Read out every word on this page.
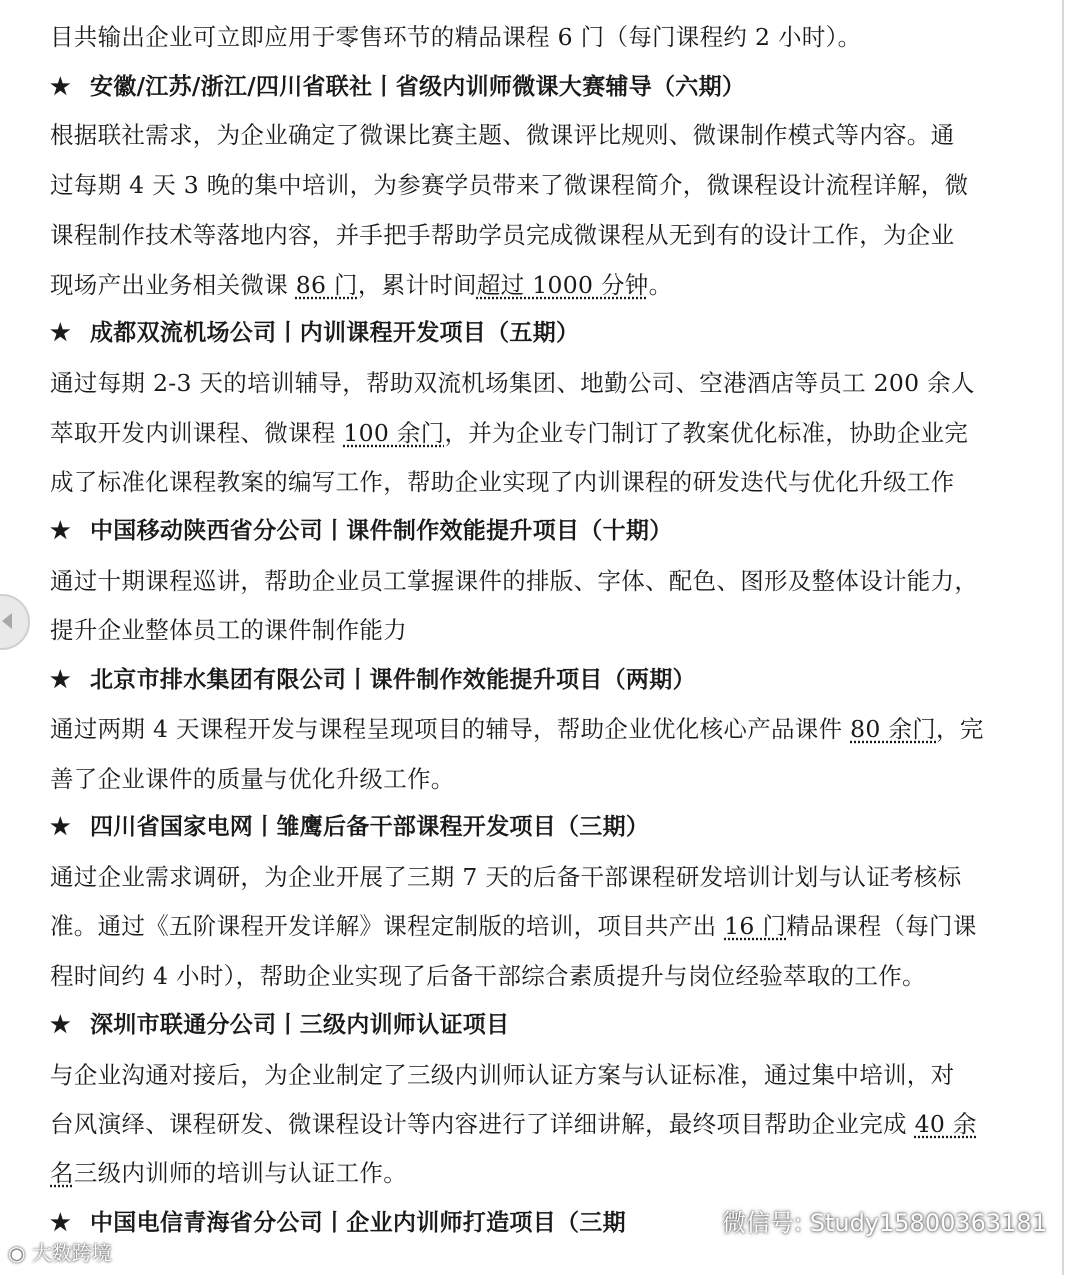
目共输出企业可立即应用于零售环节的精品课程 6 门（每门课程约 2 小时）。
★ 安徽/江苏/浙江/四川省联社丨省级内训师微课大赛辅导（六期）
根据联社需求，为企业确定了微课比赛主题、微课评比规则、微课制作模式等内容。通
过每期 4 天 3 晚的集中培训，为参赛学员带来了微课程简介，微课程设计流程详解，微
课程制作技术等落地内容，并手把手帮助学员完成微课程从无到有的设计工作，为企业
现场产出业务相关微课 86 门，累计时间超过 1000 分钟。
★ 成都双流机场公司丨内训课程开发项目（五期）
通过每期 2-3 天的培训辅导，帮助双流机场集团、地勤公司、空港酒店等员工 200 余人
萃取开发内训课程、微课程 100 余门，并为企业专门制订了教案优化标准，协助企业完
成了标准化课程教案的编写工作，帮助企业实现了内训课程的研发迭代与优化升级工作
★ 中国移动陕西省分公司丨课件制作效能提升项目（十期）
通过十期课程巡讲，帮助企业员工掌握课件的排版、字体、配色、图形及整体设计能力，
提升企业整体员工的课件制作能力
★ 北京市排水集团有限公司丨课件制作效能提升项目（两期）
通过两期 4 天课程开发与课程呈现项目的辅导，帮助企业优化核心产品课件 80 余门，完
善了企业课件的质量与优化升级工作。
★ 四川省国家电网丨雏鹰后备干部课程开发项目（三期）
通过企业需求调研，为企业开展了三期 7 天的后备干部课程研发培训计划与认证考核标
准。通过《五阶课程开发详解》课程定制版的培训，项目共产出 16 门精品课程（每门课
程时间约 4 小时），帮助企业实现了后备干部综合素质提升与岗位经验萃取的工作。
★ 深圳市联通分公司丨三级内训师认证项目
与企业沟通对接后，为企业制定了三级内训师认证方案与认证标准，通过集中培训，对
台风演绎、课程研发、微课程设计等内容进行了详细讲解，最终项目帮助企业完成 40 余
名三级内训师的培训与认证工作。
★ 中国电信青海省分公司丨企业内训师打造项目（三期	微信号: Study15800363181
◉ 大数跨境
